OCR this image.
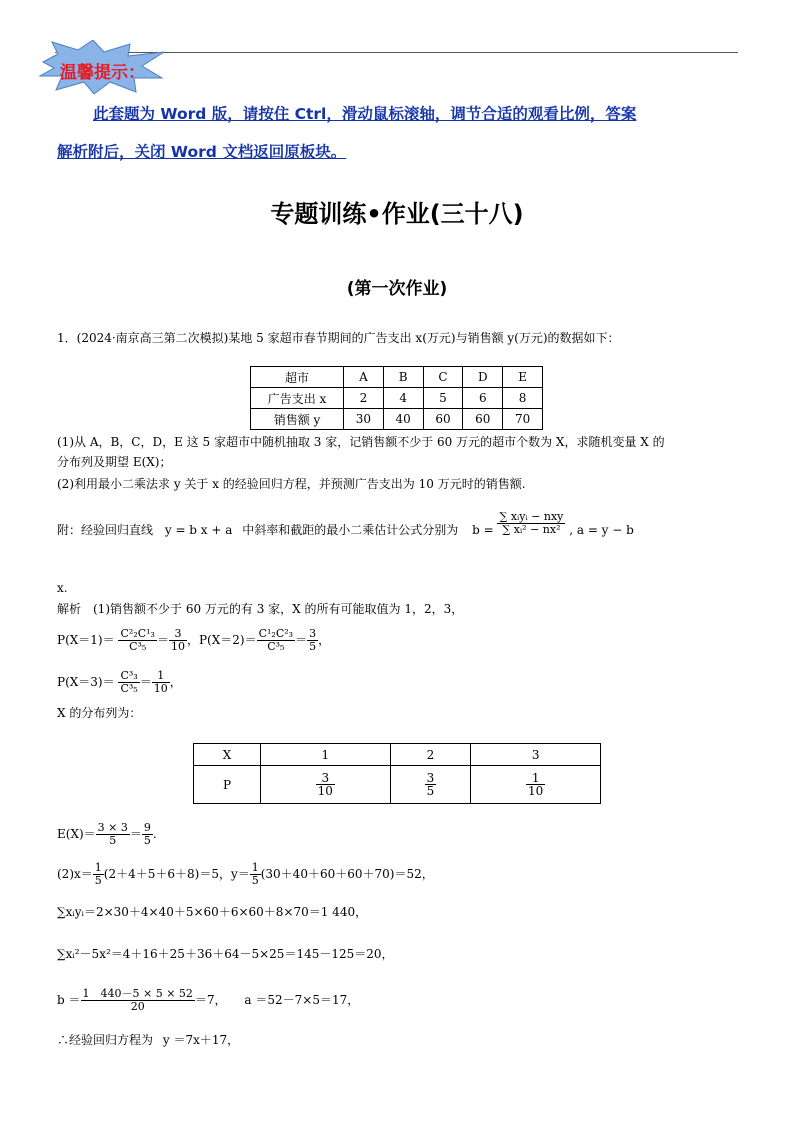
温馨提示：
此套题为 Word 版，请按住 Ctrl，滑动鼠标滚轴，调节合适的观看比例，答案
解析附后，关闭 Word 文档返回原板块。
专题训练•作业(三十八)
(第一次作业)
1．(2024·南京高三第二次模拟)某地 5 家超市春节期间的广告支出 x(万元)与销售额 y(万元)的数据如下：
超市	A	B	C	D	E
广告支出 x	2	4	5	6	8
销售额 y	30	40	60	60	70
(1)从 A，B，C，D，E 这 5 家超市中随机抽取 3 家，记销售额不少于 60 万元的超市个数为 X，求随机变量 X 的
分布列及期望 E(X)；
(2)利用最小二乘法求 y 关于 x 的经验回归方程，并预测广告支出为 10 万元时的销售额.
附：经验回归直线 y = b x + a 中斜率和截距的最小二乘估计公式分别为 $b = \frac{\text{∑ xᵢyᵢ − nxy}}{\text{∑ xᵢ² − nx²}}$ , a = y − b
x.
解析　(1)销售额不少于 60 万元的有 3 家，X 的所有可能取值为 1，2，3，
$P(X=1)= \frac{\text{C²₂C¹₃}}{\text{C³₅}} = \frac{3}{10}$ ，$P(X=2)= \frac{\text{C¹₂C²₃}}{\text{C³₅}} = \frac{3}{5}$ ，
$P(X=3)= \frac{\text{C³₃}}{\text{C³₅}} = \frac{1}{10}$ ，
X 的分布列为：
X	1	2	3
P	$\frac{3}{10}$	$\frac{3}{5}$	$\frac{1}{10}$
$E(X)= \frac{3 \times 3}{5} = \frac{9}{5}$ .
$(2)x= \frac{1}{5} (2+4+5+6+8)=5$，$y= \frac{1}{5} (30+40+60+60+70)=52$，
∑xᵢyᵢ＝2×30＋4×40＋5×60＋6×60＋8×70＝1 440，
∑xᵢ²－5x²＝4＋16＋25＋36＋64－5×25＝145－125＝20，
$b = \frac{1 440-5 \times 5 \times 52}{20} =7$， a ＝52－7×5＝17，
∴经验回归方程为 y ＝7x＋17，
